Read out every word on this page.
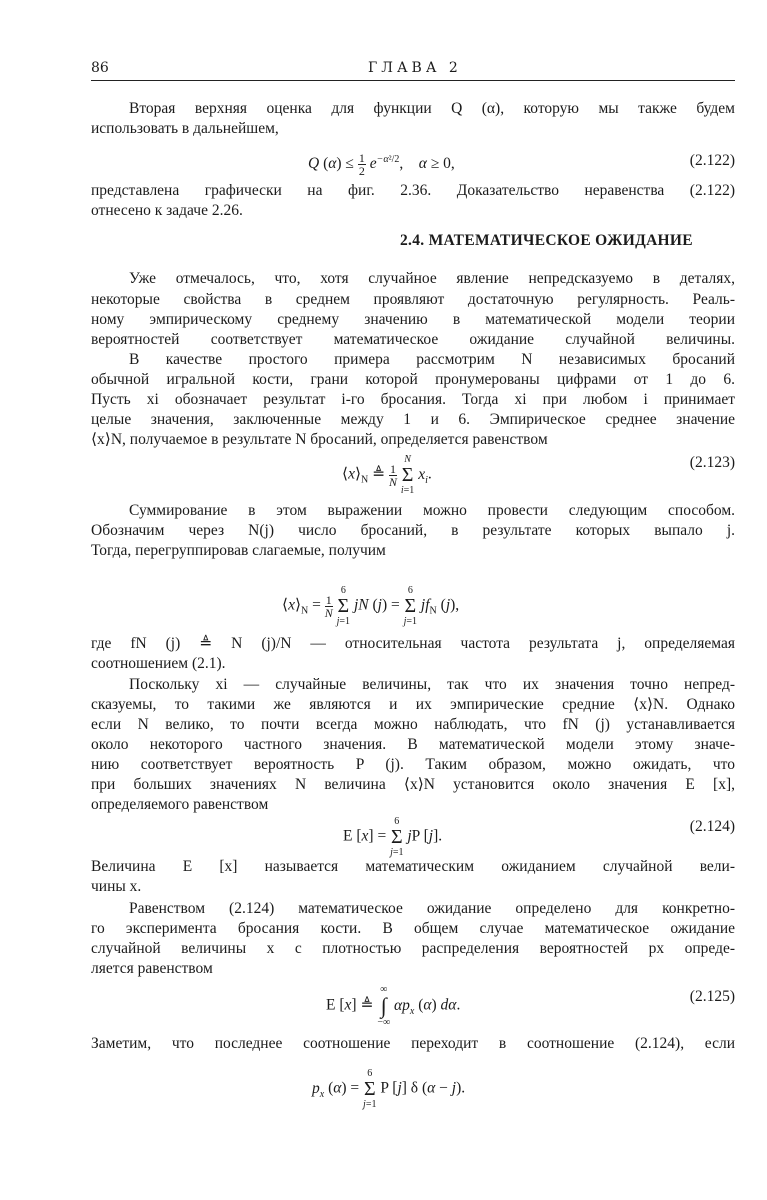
86	ГЛАВА 2
Вторая верхняя оценка для функции Q (α), которую мы также будем
использовать в дальнейшем,
Q $(\alpha) \le \frac{1}{2} e^{-\alpha^2/2}$,    α ≥ 0,	(2.122)
представлена графически на фиг. 2.36. Доказательство неравенства (2.122)
отнесено к задаче 2.26.
2.4. МАТЕМАТИЧЕСКОЕ ОЖИДАНИЕ
Уже отмечалось, что, хотя случайное явление непредсказуемо в деталях,
некоторые свойства в среднем проявляют достаточную регулярность. Реаль-
ному эмпирическому среднему значению в математической модели теории
вероятностей соответствует математическое ожидание случайной величины.
В качестве простого примера рассмотрим N независимых бросаний
обычной игральной кости, грани которой пронумерованы цифрами от 1 до 6.
Пусть xi обозначает результат i-го бросания. Тогда xi при любом i принимает
целые значения, заключенные между 1 и 6. Эмпирическое среднее значение
⟨x⟩N, получаемое в результате N бросаний, определяется равенством
$⟨x⟩_N$ ≜ $\frac{1}{N}$

N
Σ
i=1
$x_i$.
(2.123)
Суммирование в этом выражении можно провести следующим способом.
Обозначим через N(j) число бросаний, в результате которых выпало j.
Тогда, перегруппировав слагаемые, получим
$⟨x⟩_N = \frac{1}{N}$

6
Σ
j=1
jN (j) =
6
Σ
j=1
$jf_N$ (j),
где fN (j) ≜ N (j)/N — относительная частота результата j, определяемая
соотношением (2.1).
Поскольку xi — случайные величины, так что их значения точно непред-
сказуемы, то такими же являются и их эмпирические средние ⟨x⟩N. Однако
если N велико, то почти всегда можно наблюдать, что fN (j) устанавливается
около некоторого частного значения. В математической модели этому значе-
нию соответствует вероятность P (j). Таким образом, можно ожидать, что
при больших значениях N величина ⟨x⟩N установится около значения E [x],
определяемого равенством
E [x] =
6
Σ
j=1
jP [j].
(2.124)
Величина E [x] называется математическим ожиданием случайной вели-
чины x.
Равенством (2.124) математическое ожидание определено для конкретно-
го эксперимента бросания кости. В общем случае математическое ожидание
случайной величины x с плотностью распределения вероятностей px опреде-
ляется равенством
E [x] ≜
∞
∫
−∞
$\alpha p_x$ (α) dα.
(2.125)
Заметим, что последнее соотношение переходит в соотношение (2.124), если
$p_x$ (α) =
6
Σ
j=1
P [j] δ (α − j).
